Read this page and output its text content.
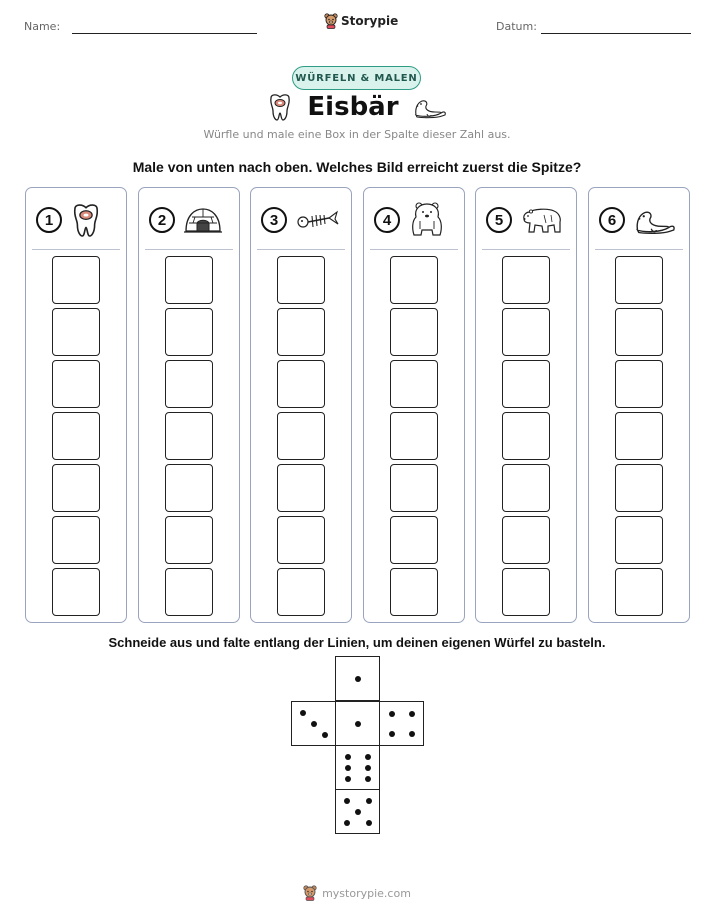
Name:	Storypie	Datum:
WÜRFELN & MALEN
Eisbär
Würfle und male eine Box in der Spalte dieser Zahl aus.
Male von unten nach oben. Welches Bild erreicht zuerst die Spitze?
1	2	3	4	5	6
Schneide aus und falte entlang der Linien, um deinen eigenen Würfel zu basteln.
mystorypie.com
